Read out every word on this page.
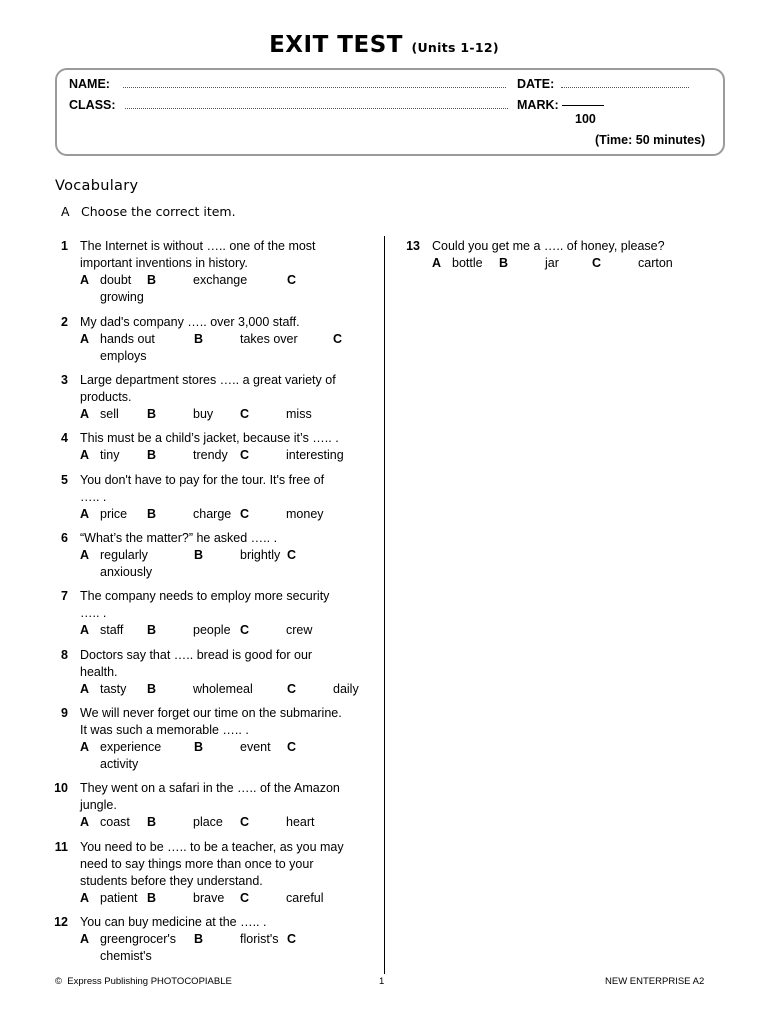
EXIT TEST (Units 1-12)
NAME:	DATE:
CLASS:	MARK:
100
(Time: 50 minutes)
Vocabulary
A Choose the correct item.
1 The Internet is without ….. one of the most
important inventions in history.
A doubt B	exchange	C
growing
2 My dad's company ….. over 3,000 staff.
A hands out	B	takes over	C
employs
3 Large department stores ….. a great variety of
products.
A sell B	buy C	miss
4 This must be a child’s jacket, because it’s ….. .
A tiny B	trendy C	interesting
5 You don't have to pay for the tour. It's free of
….. .
A price B	charge C	money
6 “What’s the matter?” he asked ….. .
A regularly	B	brightly C
anxiously
7 The company needs to employ more security
….. .
A staff B	people C	crew
8 Doctors say that ….. bread is good for our
health.
A tasty B	wholemeal	C	daily
9 We will never forget our time on the submarine.
It was such a memorable ….. .
A experience	B	event C
activity
10 They went on a safari in the ….. of the Amazon
jungle.
A coast B	place C	heart
11 You need to be ….. to be a teacher, as you may
need to say things more than once to your
students before they understand.
A patient B	brave C	careful
12 You can buy medicine at the ….. .
A greengrocer's B	florist's C
chemist's
13 Could you get me a ….. of honey, please?
A bottle B	jar	C	carton
© Express Publishing PHOTOCOPIABLE	1	NEW ENTERPRISE A2
